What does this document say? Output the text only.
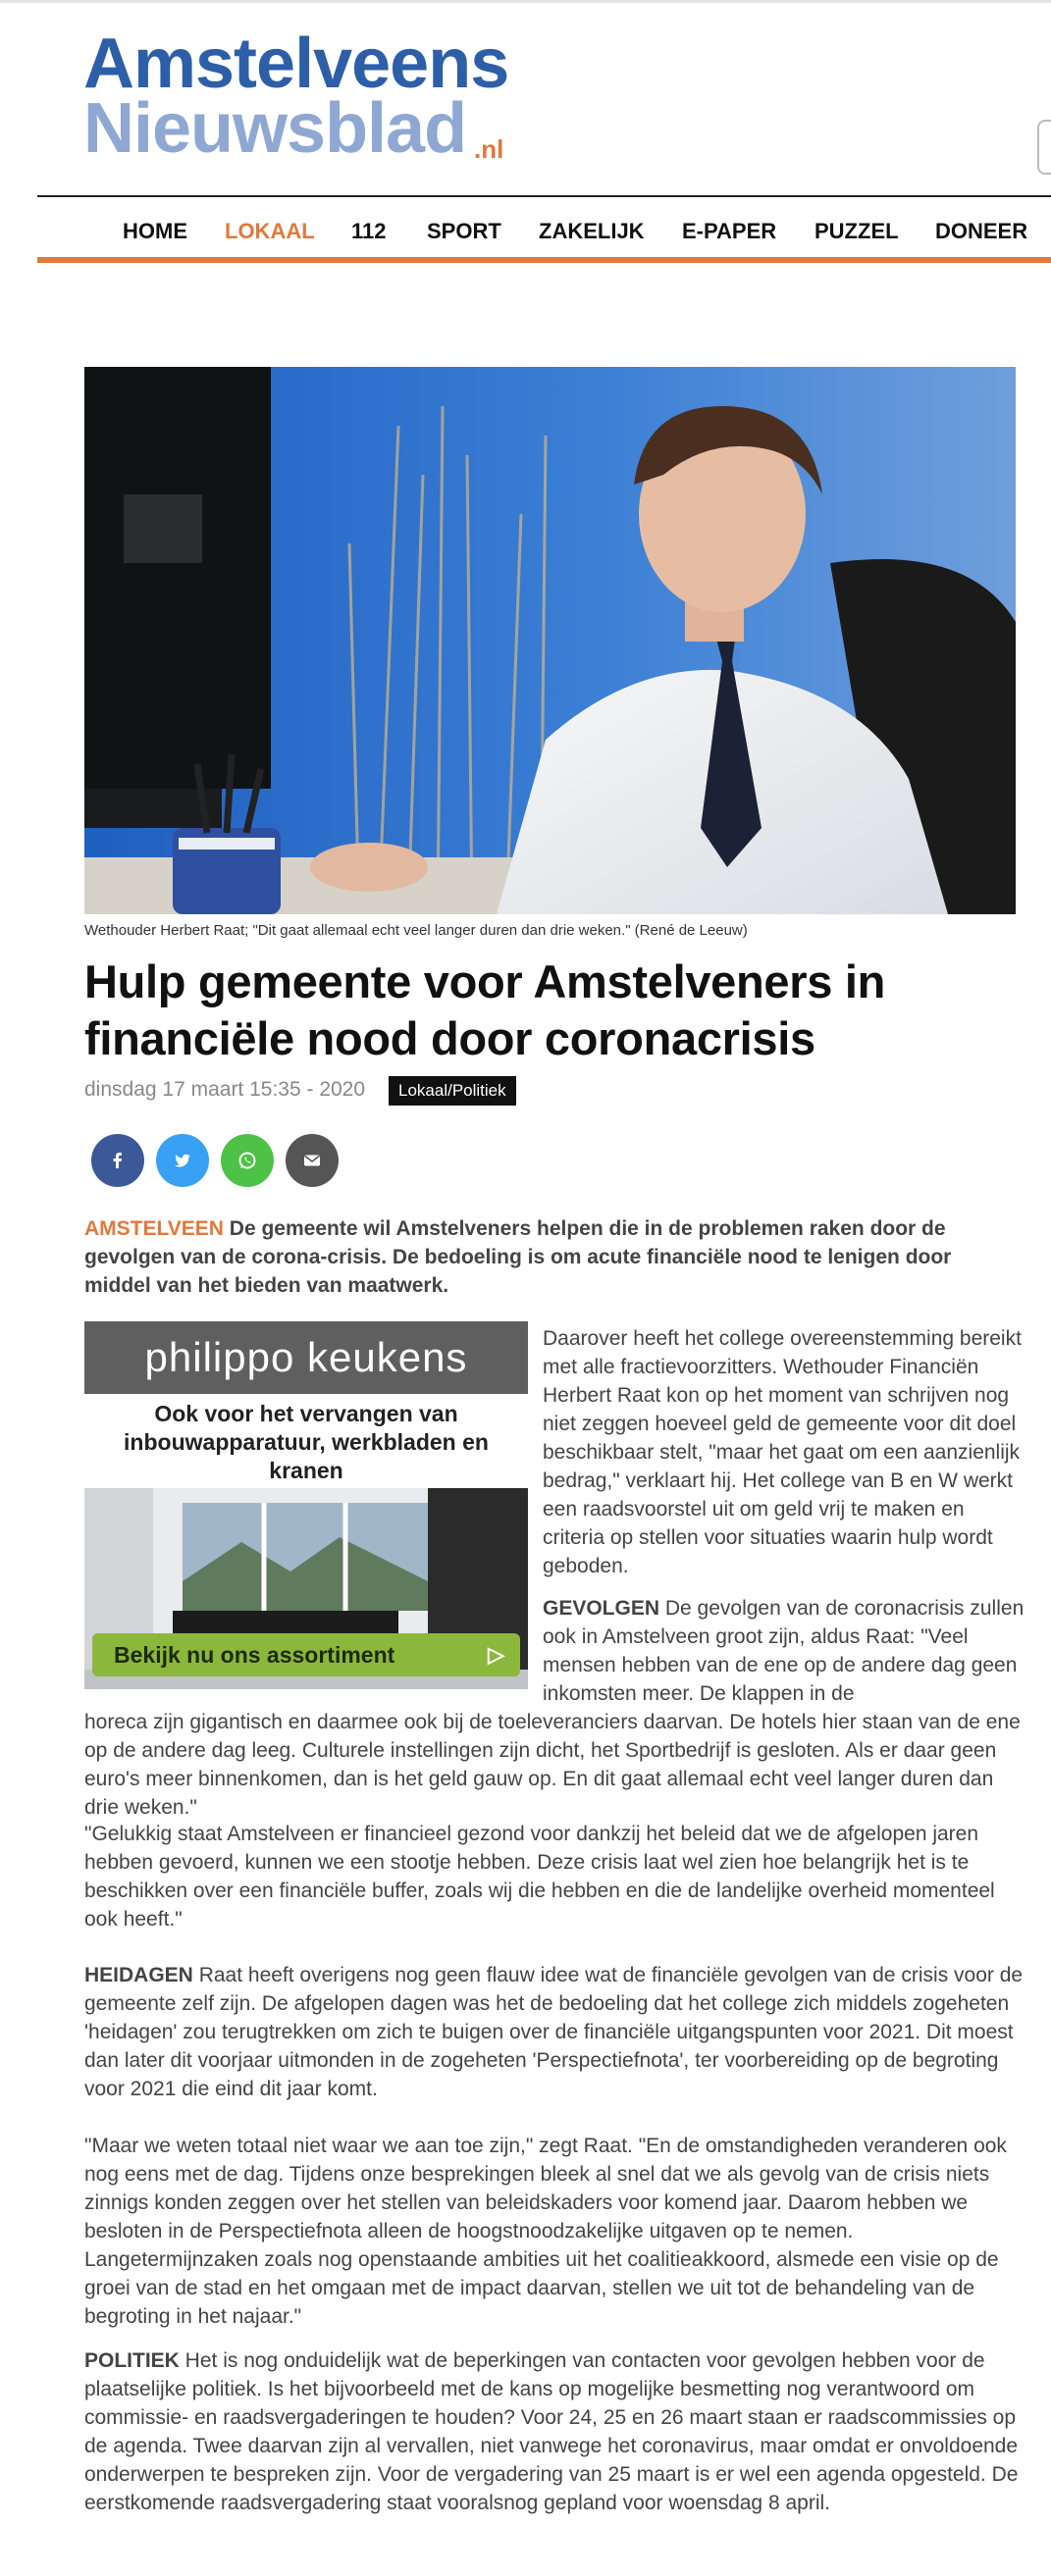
Amstelveens
Nieuwsblad .nl
HOME LOKAAL 112 SPORT ZAKELIJK E-PAPER PUZZEL DONEER
Wethouder Herbert Raat; "Dit gaat allemaal echt veel langer duren dan drie weken." (René de Leeuw)
Hulp gemeente voor Amstelveners in financiële nood door coronacrisis
dinsdag 17 maart 15:35 - 2020	Lokaal/Politiek

AMSTELVEEN De gemeente wil Amstelveners helpen die in de problemen raken door de gevolgen van de corona-crisis. De bedoeling is om acute financiële nood te lenigen door middel van het bieden van maatwerk.

philippo keukens
Ook voor het vervangen van inbouwapparatuur, werkbladen en kranen
Bekijk nu ons assortiment	▷

Daarover heeft het college overeenstemming bereikt met alle fractievoorzitters. Wethouder Financiën Herbert Raat kon op het moment van schrijven nog niet zeggen hoeveel geld de gemeente voor dit doel beschikbaar stelt, "maar het gaat om een aanzienlijk bedrag," verklaart hij. Het college van B en W werkt een raadsvoorstel uit om geld vrij te maken en criteria op stellen voor situaties waarin hulp wordt geboden.

GEVOLGEN De gevolgen van de coronacrisis zullen ook in Amstelveen groot zijn, aldus Raat: "Veel mensen hebben van de ene op de andere dag geen inkomsten meer. De klappen in de

horeca zijn gigantisch en daarmee ook bij de toeleveranciers daarvan. De hotels hier staan van de ene op de andere dag leeg. Culturele instellingen zijn dicht, het Sportbedrijf is gesloten. Als er daar geen euro's meer binnenkomen, dan is het geld gauw op. En dit gaat allemaal echt veel langer duren dan drie weken."

"Gelukkig staat Amstelveen er financieel gezond voor dankzij het beleid dat we de afgelopen jaren hebben gevoerd, kunnen we een stootje hebben. Deze crisis laat wel zien hoe belangrijk het is te beschikken over een financiële buffer, zoals wij die hebben en die de landelijke overheid momenteel ook heeft."

HEIDAGEN Raat heeft overigens nog geen flauw idee wat de financiële gevolgen van de crisis voor de gemeente zelf zijn. De afgelopen dagen was het de bedoeling dat het college zich middels zogeheten 'heidagen' zou terugtrekken om zich te buigen over de financiële uitgangspunten voor 2021. Dit moest dan later dit voorjaar uitmonden in de zogeheten 'Perspectiefnota', ter voorbereiding op de begroting voor 2021 die eind dit jaar komt.

"Maar we weten totaal niet waar we aan toe zijn," zegt Raat. "En de omstandigheden veranderen ook nog eens met de dag. Tijdens onze besprekingen bleek al snel dat we als gevolg van de crisis niets zinnigs konden zeggen over het stellen van beleidskaders voor komend jaar. Daarom hebben we besloten in de Perspectiefnota alleen de hoogstnoodzakelijke uitgaven op te nemen. Langetermijnzaken zoals nog openstaande ambities uit het coalitieakkoord, alsmede een visie op de groei van de stad en het omgaan met de impact daarvan, stellen we uit tot de behandeling van de begroting in het najaar."

POLITIEK Het is nog onduidelijk wat de beperkingen van contacten voor gevolgen hebben voor de plaatselijke politiek. Is het bijvoorbeeld met de kans op mogelijke besmetting nog verantwoord om commissie- en raadsvergaderingen te houden? Voor 24, 25 en 26 maart staan er raadscommissies op de agenda. Twee daarvan zijn al vervallen, niet vanwege het coronavirus, maar omdat er onvoldoende onderwerpen te bespreken zijn. Voor de vergadering van 25 maart is er wel een agenda opgesteld. De eerstkomende raadsvergadering staat vooralsnog gepland voor woensdag 8 april.
